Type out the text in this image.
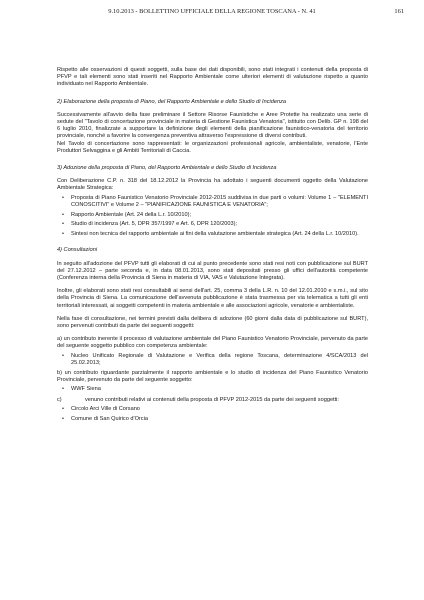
9.10.2013 - BOLLETTINO UFFICIALE DELLA REGIONE TOSCANA - N. 41	161

Rispetto alle osservazioni di questi soggetti, sulla base dei dati disponibili, sono stati integrati i contenuti della proposta di PFVP e tali elementi sono stati inseriti nel Rapporto Ambientale come ulteriori elementi di valutazione rispetto a quanto individuato nel Rapporto Ambientale.

2) Elaborazione della proposta di Piano, del Rapporto Ambientale e dello Studio di Incidenza

Successivamente all'avvio della fase preliminare il Settore Risorse Faunistiche e Aree Protette ha realizzato una serie di sedute del "Tavolo di concertazione provinciale in materia di Gestione Faunistica Venatoria", istituito con Delib. GP n. 198 del 6 luglio 2010, finalizzate a supportare la definizione degli elementi della pianificazione faunistico-venatoria del territorio provinciale, nonché a favorire la convergenza preventiva attraverso l'espressione di diversi contributi.

Nel Tavolo di concertazione sono rappresentati: le organizzazioni professionali agricole, ambientaliste, venatorie, l'Ente Produttori Selvaggina e gli Ambiti Territoriali di Caccia.

3) Adozione della proposta di Piano, del Rapporto Ambientale e dello Studio di Incidenza

Con Deliberazione C.P. n. 318 del 18.12.2012 la Provincia ha adottato i seguenti documenti oggetto della Valutazione Ambientale Strategica:

• Proposta di Piano Faunistico Venatorio Provinciale 2012-2015 suddivisa in due parti o volumi: Volume 1 – "ELEMENTI CONOSCITIVI" e Volume 2 – "PIANIFICAZIONE FAUNISTICA E VENATORIA";
• Rapporto Ambientale (Art. 24 della L.r. 10/2010);
• Studio di incidenza (Art. 5, DPR 357/1997 e Art. 6, DPR 120/2003);
• Sintesi non tecnica del rapporto ambientale ai fini della valutazione ambientale strategica (Art. 24 della L.r. 10/2010).

4) Consultazioni

In seguito all'adozione del PFVP tutti gli elaborati di cui al punto precedente sono stati resi noti con pubblicazione sul BURT del 27.12.2012 – parte seconda e, in data 08.01.2013, sono stati depositati presso gli uffici dell'autorità competente (Conferenza interna della Provincia di Siena in materia di VIA, VAS e Valutazione Integrata).

Inoltre, gli elaborati sono stati resi consultabili ai sensi dell'art. 25, comma 3 della L.R. n. 10 del 12.01.2010 e s.m.i., sul sito della Provincia di Siena. La comunicazione dell'avvenuta pubblicazione è stata trasmessa per via telematica a tutti gli enti territoriali interessati, ai soggetti competenti in materia ambientale e alle associazioni agricole, venatorie e ambientaliste.

Nella fase di consultazione, nei termini previsti dalla delibera di adozione (60 giorni dalla data di pubblicazione sul BURT), sono pervenuti contributi da parte dei seguenti soggetti:

a) un contributo inerente il processo di valutazione ambientale del Piano Faunistico Venatorio Provinciale, pervenuto da parte del seguente soggetto pubblico con competenza ambientale:

• Nucleo Unificato Regionale di Valutazione e Verifica della regione Toscana, determinazione 4/SCA/2013 del 25.02.2013;

b) un contributo riguardante parzialmente il rapporto ambientale e lo studio di incidenza del Piano Faunistico Venatorio Provinciale, pervenuto da parte del seguente soggetto:

• WWF Siena

c)	venuno contributi relativi ai contenuti della proposta di PFVP 2012-2015 da parte dei seguenti soggetti:

• Circolo Arci Ville di Corsano
• Comune di San Quirico d'Orcia
